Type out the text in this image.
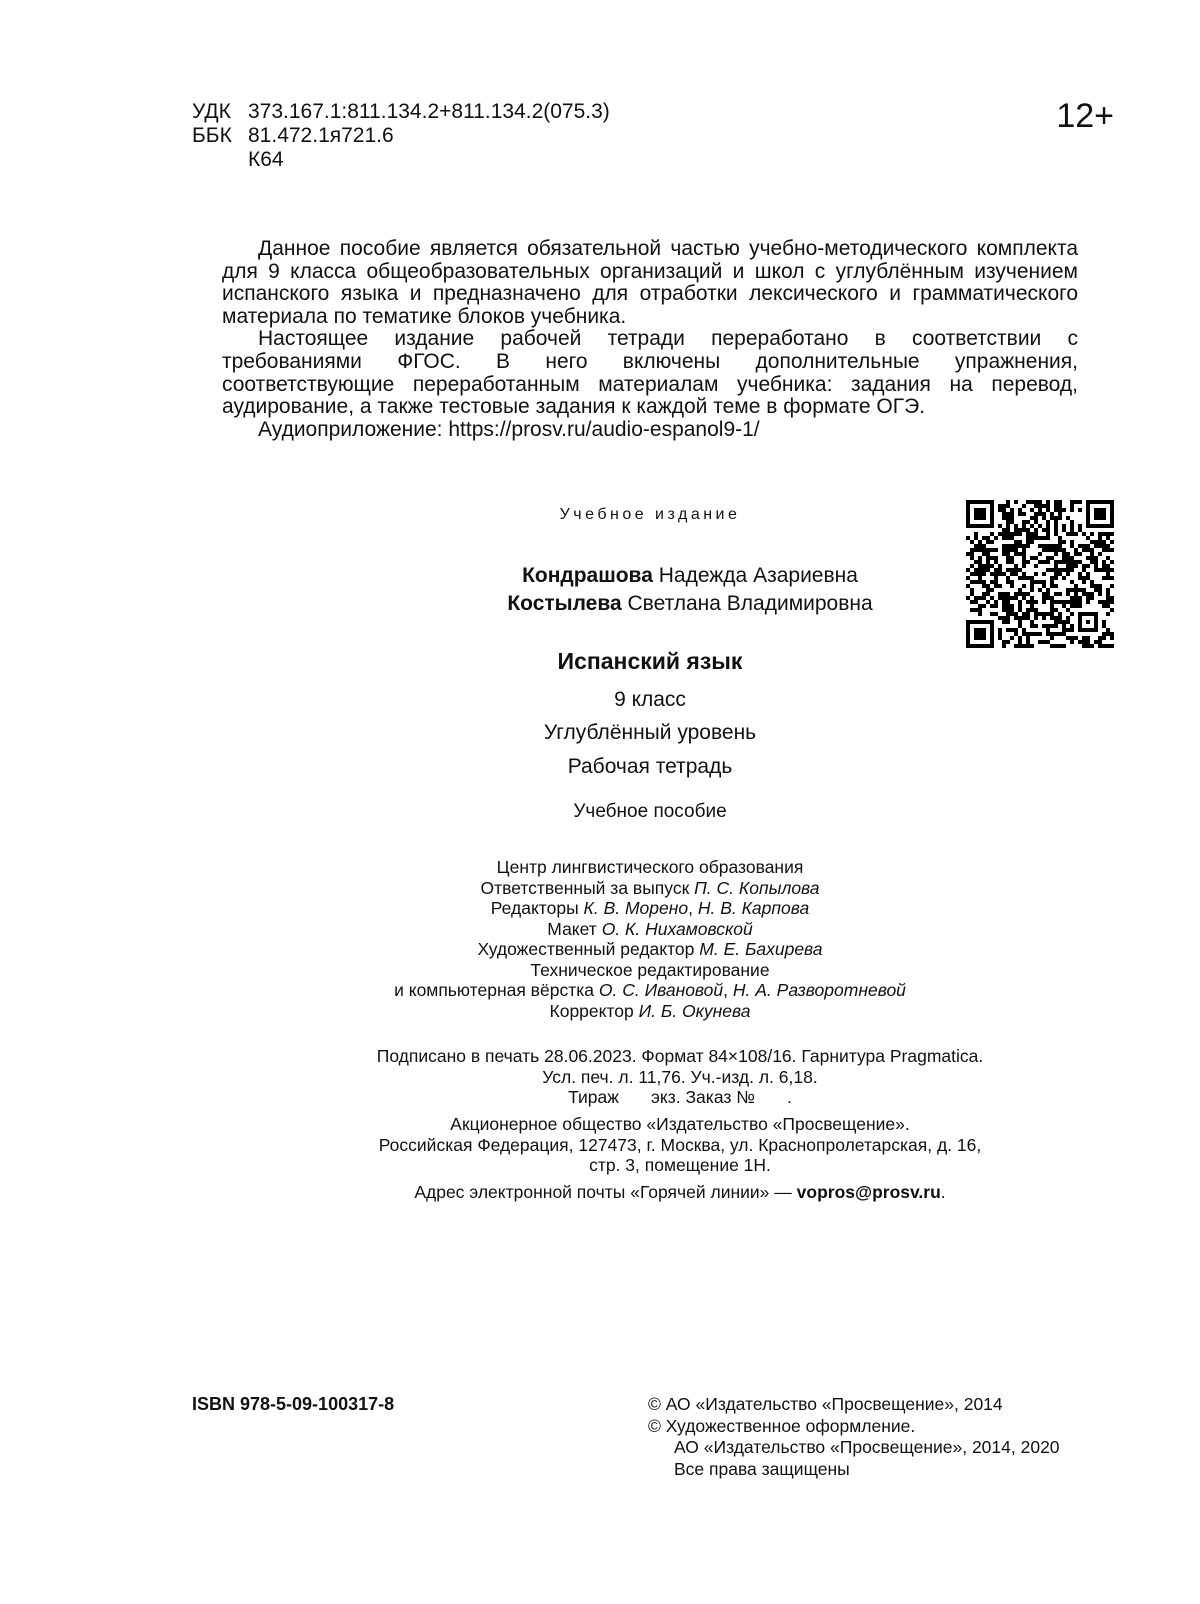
УДК 373.167.1:811.134.2+811.134.2(075.3)
ББК 81.472.1я721.6
К64
12+

Данное пособие является обязательной частью учебно-методического комплекта для 9 класса общеобразовательных организаций и школ с углублённым изучением испанского языка и предназначено для отработки лексического и грамматического материала по тематике блоков учебника.

Настоящее издание рабочей тетради переработано в соответствии с требованиями ФГОС. В него включены дополнительные упражнения, соответствующие переработанным материалам учебника: задания на перевод, аудирование, а также тестовые задания к каждой теме в формате ОГЭ.

Аудиоприложение: https://prosv.ru/audio-espanol9-1/

Учебное издание
Кондрашова Надежда Азариевна
Костылева Светлана Владимировна
Испанский язык
9 класс
Углублённый уровень
Рабочая тетрадь
Учебное пособие
Центр лингвистического образования
Ответственный за выпуск П. С. Копылова
Редакторы К. В. Морено, Н. В. Карпова
Макет О. К. Нихамовской
Художественный редактор М. Е. Бахирева
Техническое редактирование
и компьютерная вёрстка О. С. Ивановой, Н. А. Разворотневой
Корректор И. Б. Окунева
Подписано в печать 28.06.2023. Формат 84×108/16. Гарнитура Pragmatica.
Усл. печ. л. 11,76. Уч.-изд. л. 6,18.
Тираж экз. Заказ № .
Акционерное общество «Издательство «Просвещение».
Российская Федерация, 127473, г. Москва, ул. Краснопролетарская, д. 16,
стр. 3, помещение 1Н.
Адрес электронной почты «Горячей линии» — vopros@prosv.ru.
ISBN 978-5-09-100317-8	© АО «Издательство «Просвещение», 2014
© Художественное оформление.
АО «Издательство «Просвещение», 2014, 2020
Все права защищены
